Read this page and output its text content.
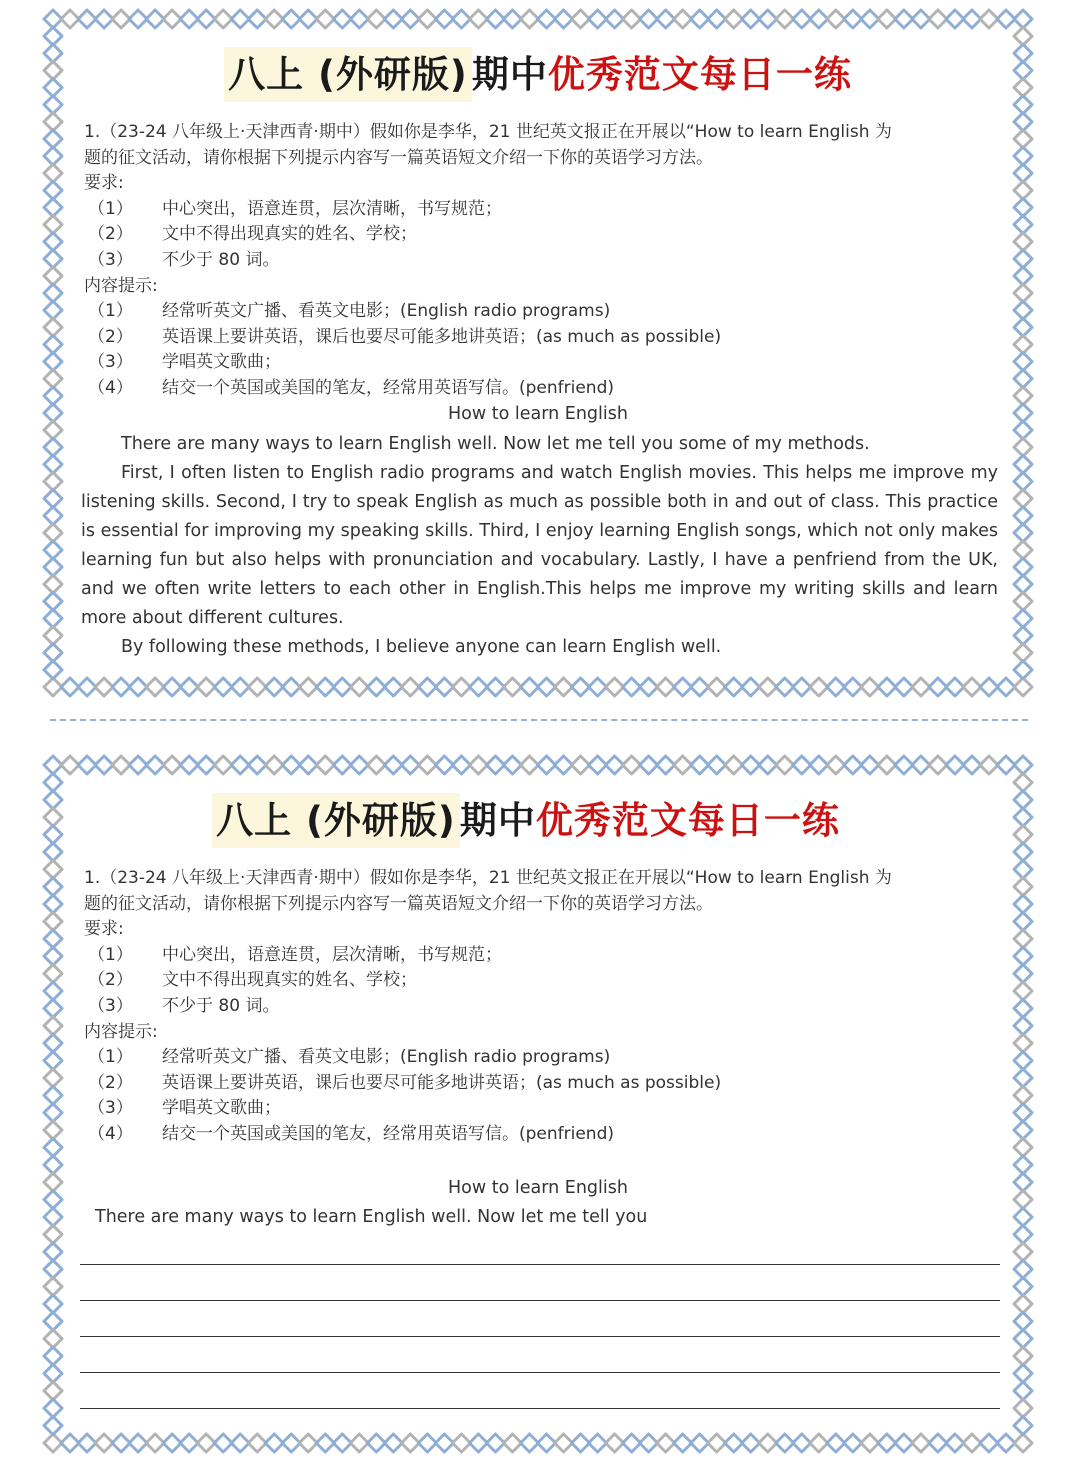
八上 (外研版) 期中优秀范文每日一练
1.（23-24 八年级上·天津西青·期中）假如你是李华，21 世纪英文报正在开展以“How to learn English 为
题的征文活动，请你根据下列提示内容写一篇英语短文介绍一下你的英语学习方法。
要求:
（1）	中心突出，语意连贯，层次清晰，书写规范；
（2）	文中不得出现真实的姓名、学校；
（3）	不少于 80 词。
内容提示:
（1）	经常听英文广播、看英文电影；(English radio programs)
（2）	英语课上要讲英语，课后也要尽可能多地讲英语；(as much as possible)
（3）	学唱英文歌曲；
（4）	结交一个英国或美国的笔友，经常用英语写信。(penfriend)
How to learn English

There are many ways to learn English well. Now let me tell you some of my methods.

First, I often listen to English radio programs and watch English movies. This helps me improve my listening skills. Second, I try to speak English as much as possible both in and out of class. This practice is essential for improving my speaking skills. Third, I enjoy learning English songs, which not only makes learning fun but also helps with pronunciation and vocabulary. Lastly, I have a penfriend from the UK, and we often write letters to each other in English.This helps me improve my writing skills and learn more about different cultures.

By following these methods, I believe anyone can learn English well.

八上 (外研版) 期中优秀范文每日一练
1.（23-24 八年级上·天津西青·期中）假如你是李华，21 世纪英文报正在开展以“How to learn English 为
题的征文活动，请你根据下列提示内容写一篇英语短文介绍一下你的英语学习方法。
要求:
（1）	中心突出，语意连贯，层次清晰，书写规范；
（2）	文中不得出现真实的姓名、学校；
（3）	不少于 80 词。
内容提示:
（1）	经常听英文广播、看英文电影；(English radio programs)
（2）	英语课上要讲英语，课后也要尽可能多地讲英语；(as much as possible)
（3）	学唱英文歌曲；
（4）	结交一个英国或美国的笔友，经常用英语写信。(penfriend)
How to learn English
There are many ways to learn English well. Now let me tell you
